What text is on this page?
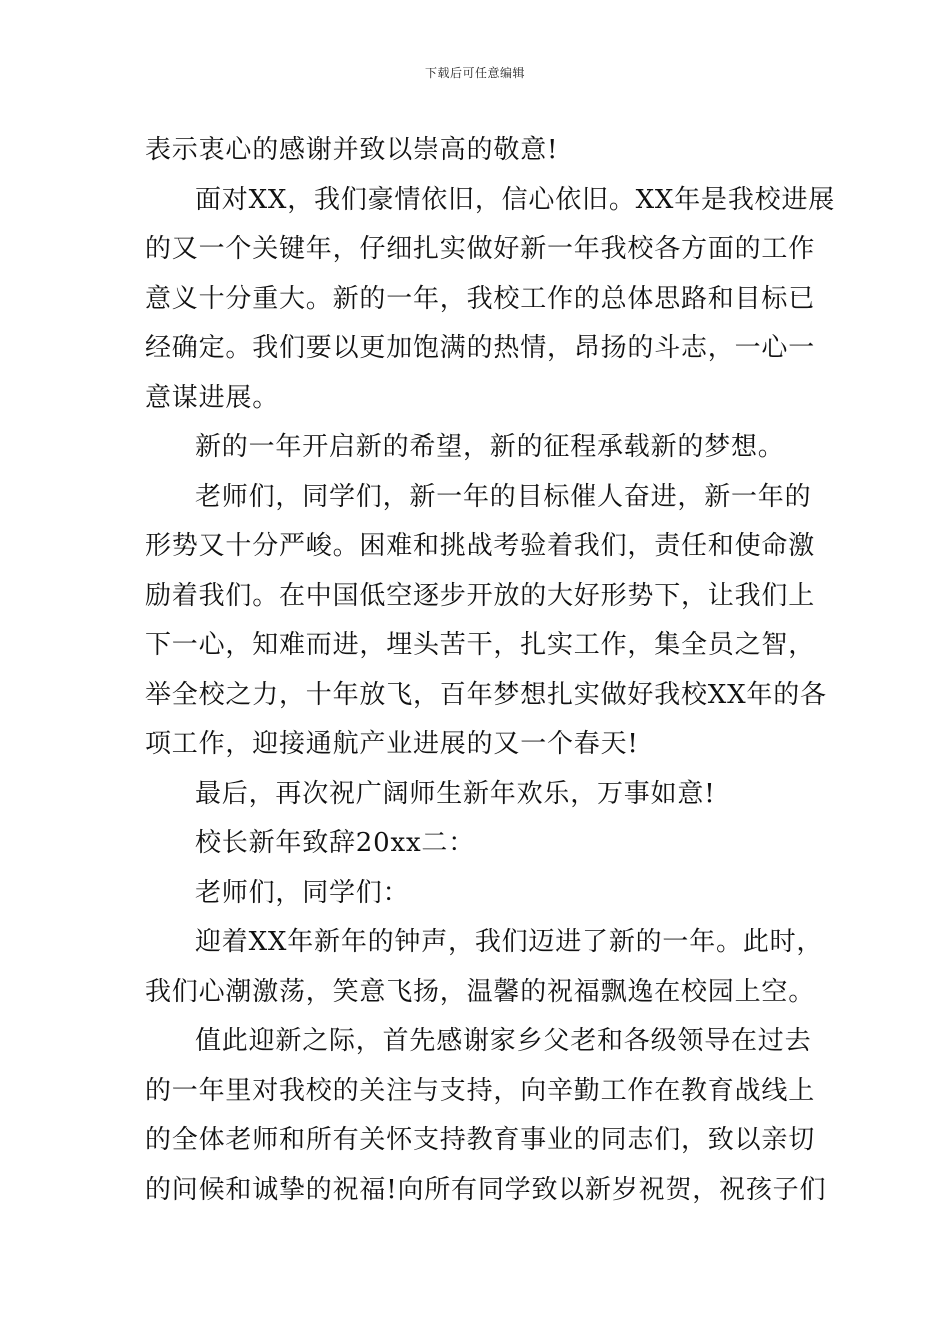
下载后可任意编辑
表示衷心的感谢并致以崇高的敬意!
面对XX，我们豪情依旧，信心依旧。XX年是我校进展
的又一个关键年，仔细扎实做好新一年我校各方面的工作
意义十分重大。新的一年，我校工作的总体思路和目标已
经确定。我们要以更加饱满的热情，昂扬的斗志，一心一
意谋进展。
新的一年开启新的希望，新的征程承载新的梦想。
老师们，同学们，新一年的目标催人奋进，新一年的
形势又十分严峻。困难和挑战考验着我们，责任和使命激
励着我们。在中国低空逐步开放的大好形势下，让我们上
下一心，知难而进，埋头苦干，扎实工作，集全员之智，
举全校之力，十年放飞，百年梦想扎实做好我校XX年的各
项工作，迎接通航产业进展的又一个春天!
最后，再次祝广阔师生新年欢乐，万事如意!
校长新年致辞20xx二：
老师们，同学们：
迎着XX年新年的钟声，我们迈进了新的一年。此时，
我们心潮激荡，笑意飞扬，温馨的祝福飘逸在校园上空。
值此迎新之际，首先感谢家乡父老和各级领导在过去
的一年里对我校的关注与支持，向辛勤工作在教育战线上
的全体老师和所有关怀支持教育事业的同志们，致以亲切
的问候和诚挚的祝福!向所有同学致以新岁祝贺，祝孩子们
